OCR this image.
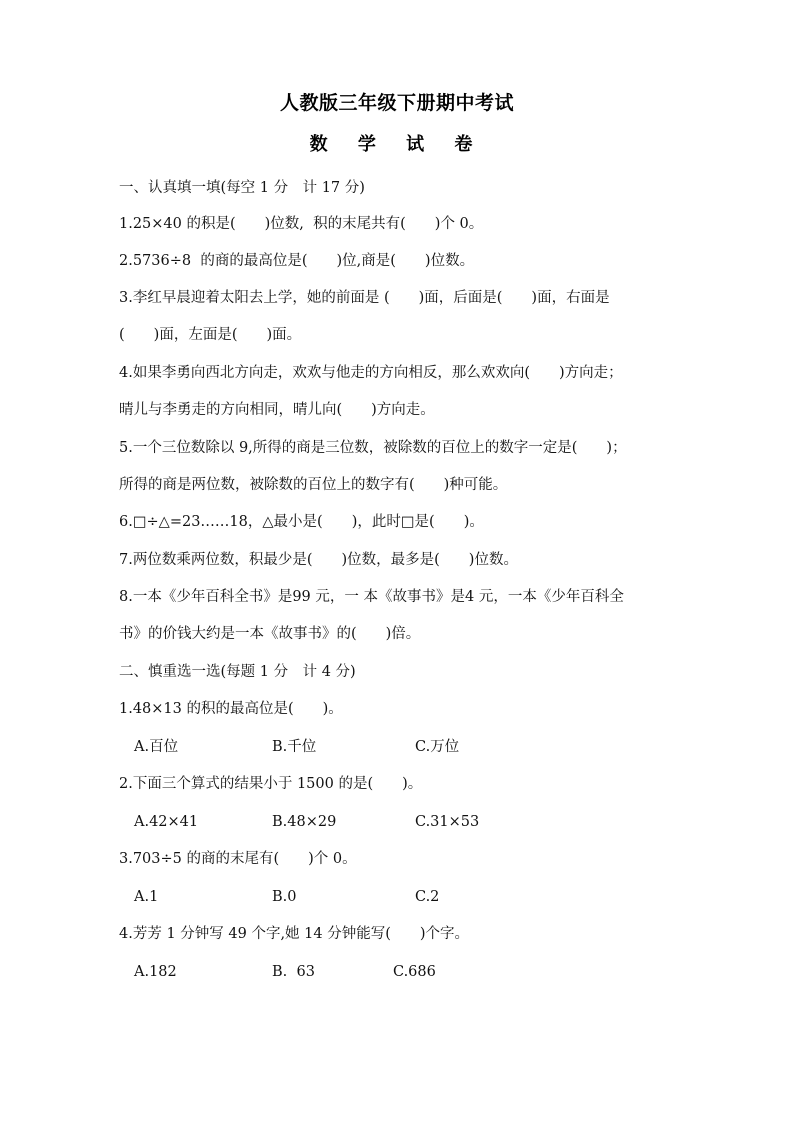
人教版三年级下册期中考试
数 学 试 卷
一、认真填一填(每空 1 分　计 17 分)
1.25×40 的积是(　　)位数,  积的末尾共有(　　)个 0。
2.5736÷8  的商的最高位是(　　)位,商是(　　)位数。
3.李红早晨迎着太阳去上学，她的前面是 (　　)面，后面是(　　)面，右面是
(　　)面，左面是(　　)面。
4.如果李勇向西北方向走，欢欢与他走的方向相反，那么欢欢向(　　)方向走；
晴儿与李勇走的方向相同，晴儿向(　　)方向走。
5.一个三位数除以 9,所得的商是三位数，被除数的百位上的数字一定是(　　)；
所得的商是两位数，被除数的百位上的数字有(　　)种可能。
6.□÷△=23……18，△最小是(　　)，此时□是(　　)。
7.两位数乘两位数，积最少是(　　)位数，最多是(　　)位数。
8.一本《少年百科全书》是99 元，一 本《故事书》是4 元，一本《少年百科全
书》的价钱大约是一本《故事书》的(　　)倍。
二、慎重选一选(每题 1 分　计 4 分)
1.48×13 的积的最高位是(　　)。
A.百位	B.千位	C.万位
2.下面三个算式的结果小于 1500 的是(　　)。
A.42×41	B.48×29	C.31×53
3.703÷5 的商的末尾有(　　)个 0。
A.1	B.0	C.2
4.芳芳 1 分钟写 49 个字,她 14 分钟能写(　　)个字。
A.182	B.  63	C.686
